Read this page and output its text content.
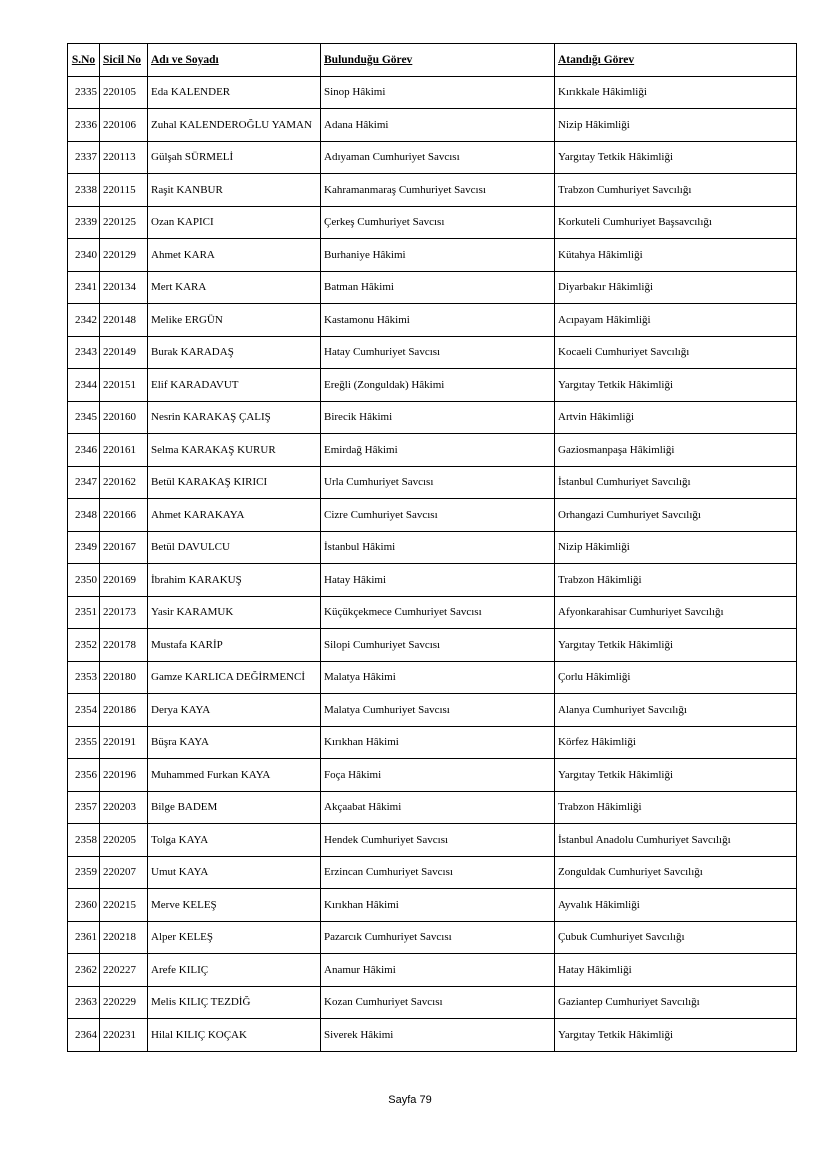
S.No	Sicil No	Adı ve Soyadı	Bulunduğu Görev	Atandığı Görev
2335	220105	Eda KALENDER	Sinop Hâkimi	Kırıkkale Hâkimliği
2336	220106	Zuhal KALENDEROĞLU YAMAN	Adana Hâkimi	Nizip Hâkimliği
2337	220113	Gülşah SÜRMELİ	Adıyaman Cumhuriyet Savcısı	Yargıtay Tetkik Hâkimliği
2338	220115	Raşit KANBUR	Kahramanmaraş Cumhuriyet Savcısı	Trabzon Cumhuriyet Savcılığı
2339	220125	Ozan KAPICI	Çerkeş Cumhuriyet Savcısı	Korkuteli Cumhuriyet Başsavcılığı
2340	220129	Ahmet KARA	Burhaniye Hâkimi	Kütahya Hâkimliği
2341	220134	Mert KARA	Batman Hâkimi	Diyarbakır Hâkimliği
2342	220148	Melike ERGÜN	Kastamonu Hâkimi	Acıpayam Hâkimliği
2343	220149	Burak KARADAŞ	Hatay Cumhuriyet Savcısı	Kocaeli Cumhuriyet Savcılığı
2344	220151	Elif KARADAVUT	Ereğli (Zonguldak) Hâkimi	Yargıtay Tetkik Hâkimliği
2345	220160	Nesrin KARAKAŞ ÇALIŞ	Birecik Hâkimi	Artvin Hâkimliği
2346	220161	Selma KARAKAŞ KURUR	Emirdağ Hâkimi	Gaziosmanpaşa Hâkimliği
2347	220162	Betül KARAKAŞ KIRICI	Urla Cumhuriyet Savcısı	İstanbul Cumhuriyet Savcılığı
2348	220166	Ahmet KARAKAYA	Cizre Cumhuriyet Savcısı	Orhangazi Cumhuriyet Savcılığı
2349	220167	Betül DAVULCU	İstanbul Hâkimi	Nizip Hâkimliği
2350	220169	İbrahim KARAKUŞ	Hatay Hâkimi	Trabzon Hâkimliği
2351	220173	Yasir KARAMUK	Küçükçekmece Cumhuriyet Savcısı	Afyonkarahisar Cumhuriyet Savcılığı
2352	220178	Mustafa KARİP	Silopi Cumhuriyet Savcısı	Yargıtay Tetkik Hâkimliği
2353	220180	Gamze KARLICA DEĞİRMENCİ	Malatya Hâkimi	Çorlu Hâkimliği
2354	220186	Derya KAYA	Malatya Cumhuriyet Savcısı	Alanya Cumhuriyet Savcılığı
2355	220191	Büşra KAYA	Kırıkhan Hâkimi	Körfez Hâkimliği
2356	220196	Muhammed Furkan KAYA	Foça Hâkimi	Yargıtay Tetkik Hâkimliği
2357	220203	Bilge BADEM	Akçaabat Hâkimi	Trabzon Hâkimliği
2358	220205	Tolga KAYA	Hendek Cumhuriyet Savcısı	İstanbul Anadolu Cumhuriyet Savcılığı
2359	220207	Umut KAYA	Erzincan Cumhuriyet Savcısı	Zonguldak Cumhuriyet Savcılığı
2360	220215	Merve KELEŞ	Kırıkhan Hâkimi	Ayvalık Hâkimliği
2361	220218	Alper KELEŞ	Pazarcık Cumhuriyet Savcısı	Çubuk Cumhuriyet Savcılığı
2362	220227	Arefe KILIÇ	Anamur Hâkimi	Hatay Hâkimliği
2363	220229	Melis KILIÇ TEZDİĞ	Kozan Cumhuriyet Savcısı	Gaziantep Cumhuriyet Savcılığı
2364	220231	Hilal KILIÇ KOÇAK	Siverek Hâkimi	Yargıtay Tetkik Hâkimliği
Sayfa 79
